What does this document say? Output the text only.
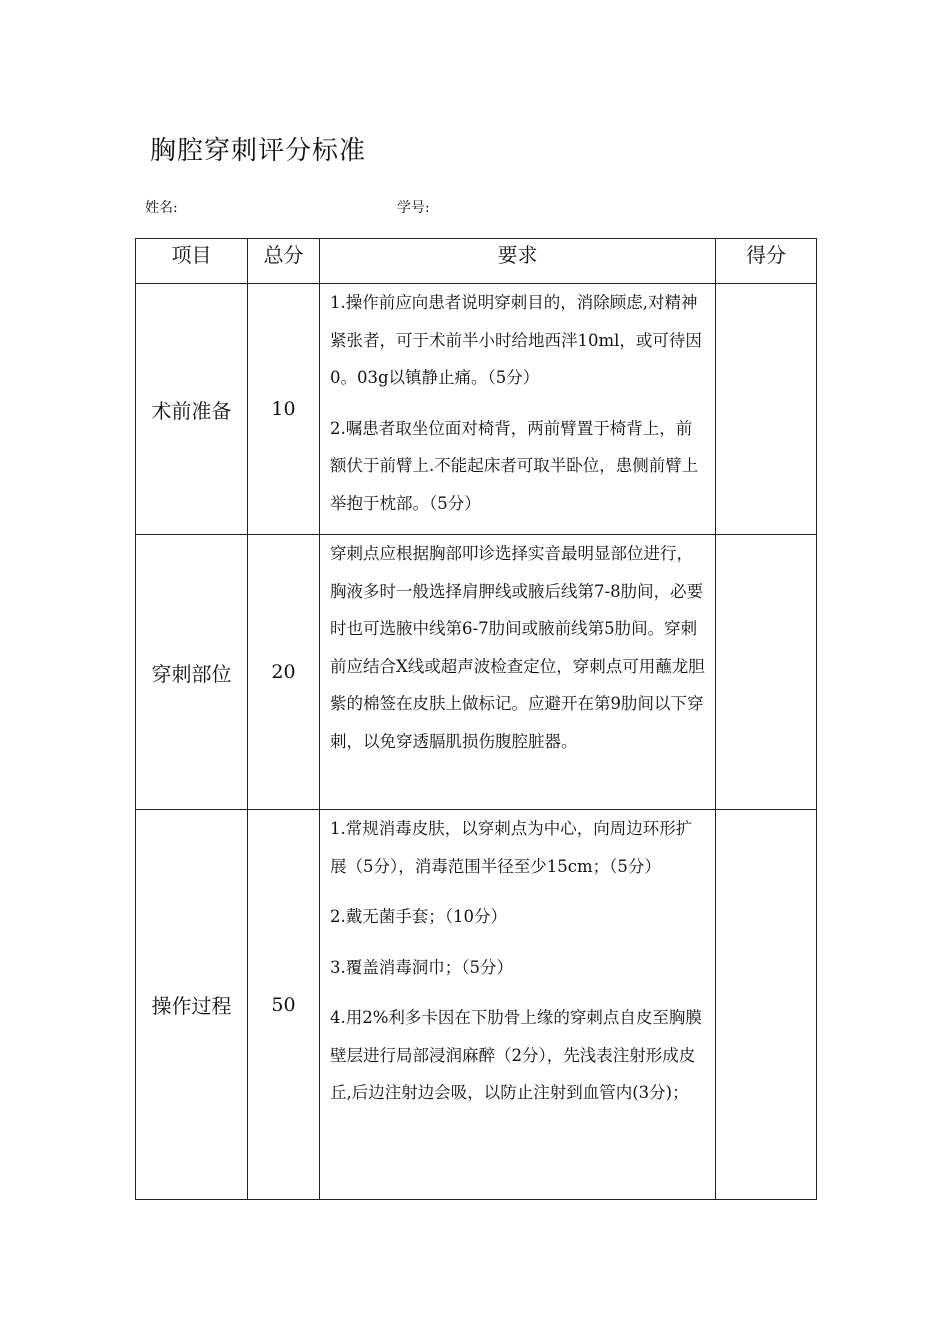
胸腔穿刺评分标准
姓名:	学号:
项目	总分	要求	得分
术前准备	10	1.操作前应向患者说明穿刺目的，消除顾虑,对精神紧张者，可于术前半小时给地西泮10ml，或可待因0。03g以镇静止痛。（5分）

2.嘱患者取坐位面对椅背，两前臂置于椅背上，前额伏于前臂上.不能起床者可取半卧位，患侧前臂上举抱于枕部。（5分）	

穿刺部位	20	穿刺点应根据胸部叩诊选择实音最明显部位进行，胸液多时一般选择肩胛线或腋后线第7-8肋间，必要时也可选腋中线第6-7肋间或腋前线第5肋间。穿刺前应结合X线或超声波检查定位，穿刺点可用蘸龙胆紫的棉签在皮肤上做标记。应避开在第9肋间以下穿刺，以免穿透膈肌损伤腹腔脏器。	

操作过程	50	1.常规消毒皮肤，以穿刺点为中心，向周边环形扩展（5分），消毒范围半径至少15cm；（5分）

2.戴无菌手套；（10分）

3.覆盖消毒洞巾；（5分）

4.用2%利多卡因在下肋骨上缘的穿刺点自皮至胸膜壁层进行局部浸润麻醉（2分），先浅表注射形成皮丘,后边注射边会吸，以防止注射到血管内(3分)；	
